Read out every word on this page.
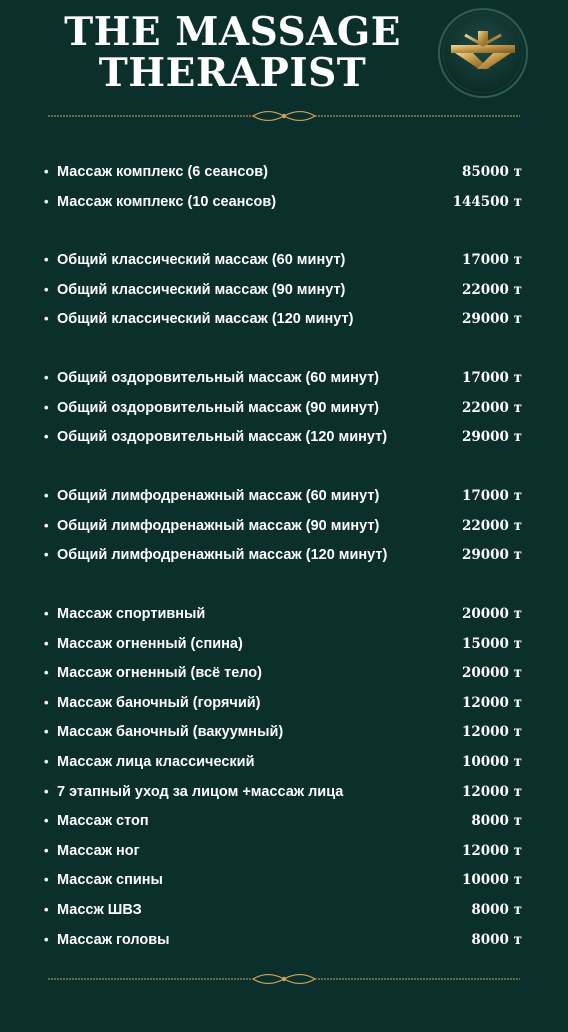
THE MASSAGE
THERAPIST
• Массаж комплекс (6 сеансов)	85000 т
• Массаж комплекс (10 сеансов)	144500 т
• Общий классический массаж (60 минут)	17000 т
• Общий классический массаж (90 минут)	22000 т
• Общий классический массаж (120 минут)	29000 т
• Общий оздоровительный массаж (60 минут)	17000 т
• Общий оздоровительный массаж (90 минут)	22000 т
• Общий оздоровительный массаж (120 минут)	29000 т
• Общий лимфодренажный массаж (60 минут)	17000 т
• Общий лимфодренажный массаж (90 минут)	22000 т
• Общий лимфодренажный массаж (120 минут)	29000 т
• Массаж спортивный	20000 т
• Массаж огненный (спина)	15000 т
• Массаж огненный (всё тело)	20000 т
• Массаж баночный (горячий)	12000 т
• Массаж баночный (вакуумный)	12000 т
• Массаж лица классический	10000 т
• 7 этапный уход за лицом +массаж лица	12000 т
• Массаж стоп	8000 т
• Массаж ног	12000 т
• Массаж спины	10000 т
• Массж ШВЗ	8000 т
• Массаж головы	8000 т
